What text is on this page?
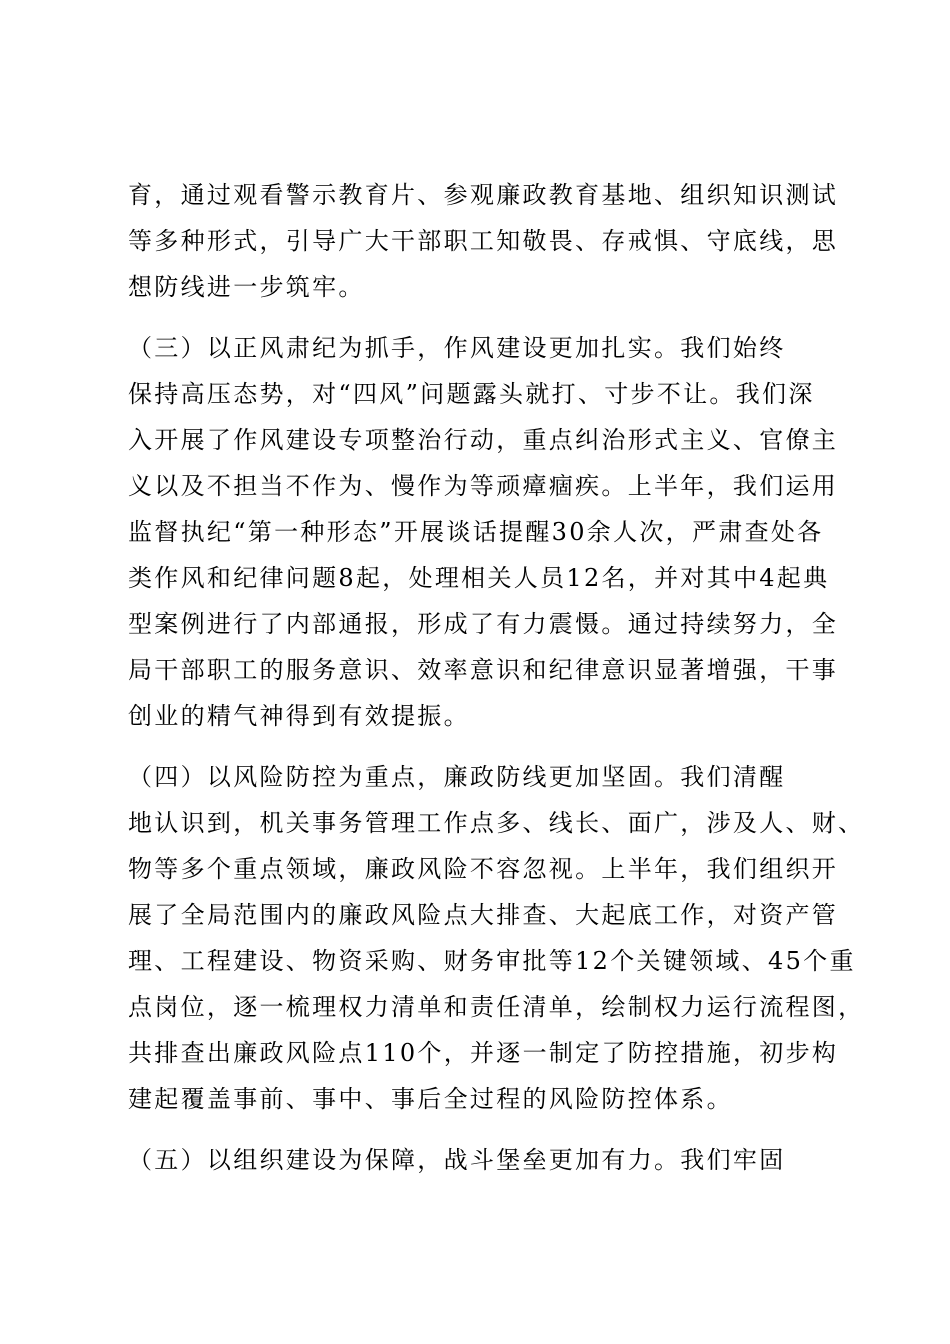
育，通过观看警示教育片、参观廉政教育基地、组织知识测试
等多种形式，引导广大干部职工知敬畏、存戒惧、守底线，思
想防线进一步筑牢。
（三）以正风肃纪为抓手，作风建设更加扎实。我们始终
保持高压态势，对“四风”问题露头就打、寸步不让。我们深
入开展了作风建设专项整治行动，重点纠治形式主义、官僚主
义以及不担当不作为、慢作为等顽瘴痼疾。上半年，我们运用
监督执纪“第一种形态”开展谈话提醒30余人次，严肃查处各
类作风和纪律问题8起，处理相关人员12名，并对其中4起典
型案例进行了内部通报，形成了有力震慑。通过持续努力，全
局干部职工的服务意识、效率意识和纪律意识显著增强，干事
创业的精气神得到有效提振。
（四）以风险防控为重点，廉政防线更加坚固。我们清醒
地认识到，机关事务管理工作点多、线长、面广，涉及人、财、
物等多个重点领域，廉政风险不容忽视。上半年，我们组织开
展了全局范围内的廉政风险点大排查、大起底工作，对资产管
理、工程建设、物资采购、财务审批等12个关键领域、45个重
点岗位，逐一梳理权力清单和责任清单，绘制权力运行流程图，
共排查出廉政风险点110个，并逐一制定了防控措施，初步构
建起覆盖事前、事中、事后全过程的风险防控体系。
（五）以组织建设为保障，战斗堡垒更加有力。我们牢固
